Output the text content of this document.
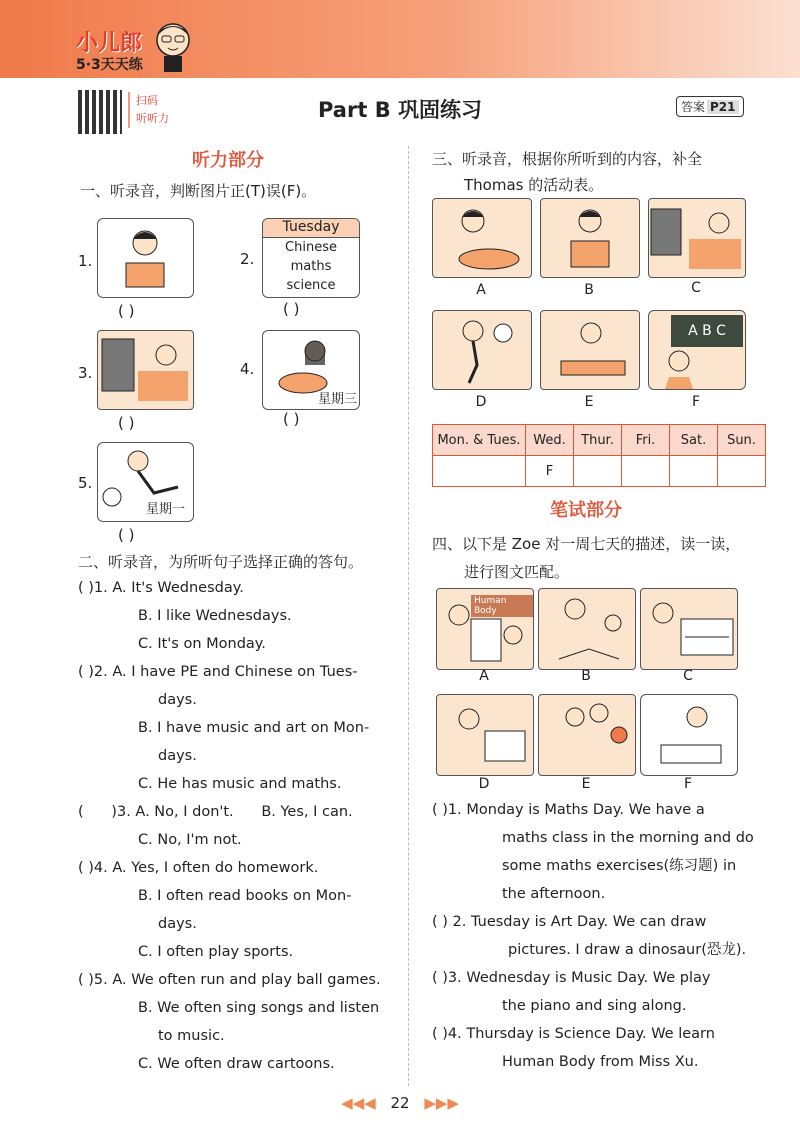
小儿郎
5·3天天练
扫码
听听力	Part B 巩固练习	答案 P21
听力部分
一、听录音，判断图片正(T)误(F)。
1.
( )
2.
Tuesday
Chinese
maths
science
( )
3.
( )
4.
星期三
( )
5.
星期一
( )
二、听录音，为所听句子选择正确的答句。
( )1. A. It's Wednesday.
B. I like Wednesdays.
C. It's on Monday.
( )2. A. I have PE and Chinese on Tues-
days.
B. I have music and art on Mon-
days.
C. He has music and maths.
(      )3. A. No, I don't.      B. Yes, I can.
C. No, I'm not.
( )4. A. Yes, I often do homework.
B. I often read books on Mon-
days.
C. I often play sports.
( )5. A. We often run and play ball games.
B. We often sing songs and listen
to music.
C. We often draw cartoons.
三、听录音，根据你所听到的内容，补全
Thomas 的活动表。
A	B	C
A B C
D	E	F
Mon. & Tues.	Wed.	Thur.	Fri.	Sat.	Sun.
	F				
笔试部分
四、以下是 Zoe 对一周七天的描述，读一读，
进行图文匹配。
Human Body
A	B	C
D	E	F
( )1. Monday is Maths Day. We have a
maths class in the morning and do
some maths exercises(练习题) in
the afternoon.
( ) 2. Tuesday is Art Day. We can draw
pictures. I draw a dinosaur(恐龙).
( )3. Wednesday is Music Day. We play
the piano and sing along.
( )4. Thursday is Science Day. We learn
Human Body from Miss Xu.
◀◀◀ 22 ▶▶▶
